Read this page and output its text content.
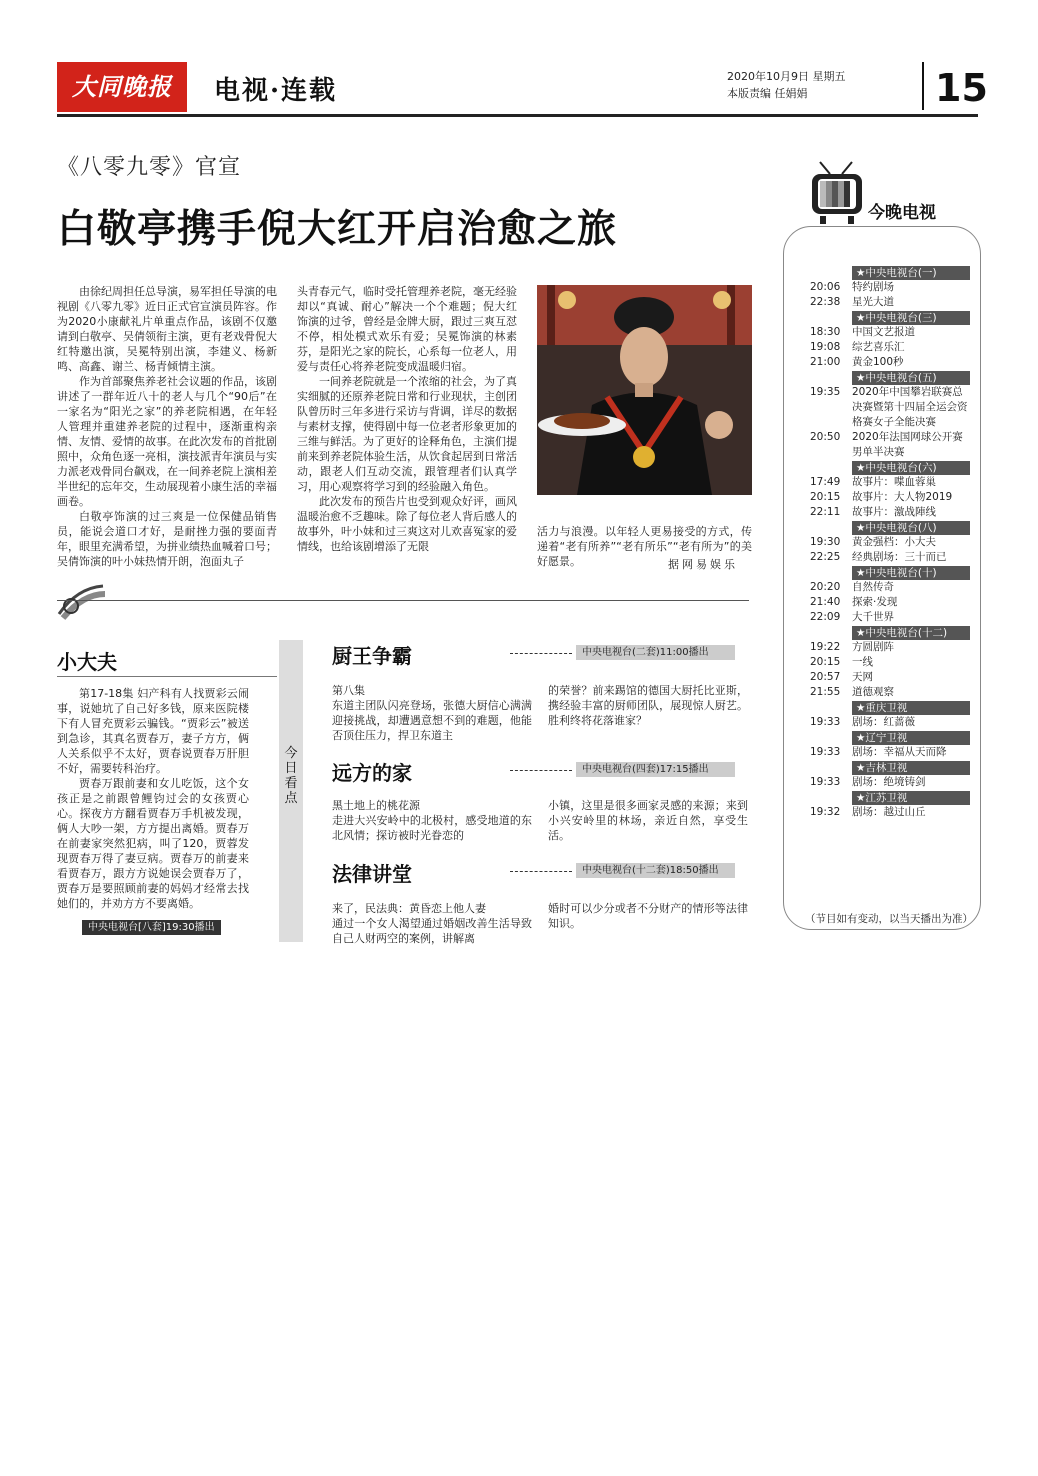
大同晚报	电视·连载	2020年10月9日 星期五
本版责编 任娟娟	15
《八零九零》官宣
白敬亭携手倪大红开启治愈之旅

由徐纪周担任总导演，易军担任导演的电视剧《八零九零》近日正式官宣演员阵容。作为2020小康献礼片单重点作品，该剧不仅邀请到白敬亭、吴倩领衔主演，更有老戏骨倪大红特邀出演，吴冕特别出演，李建义、杨新鸣、高鑫、谢兰、杨青倾情主演。

作为首部聚焦养老社会议题的作品，该剧讲述了一群年近八十的老人与几个“90后”在一家名为“阳光之家”的养老院相遇，在年轻人管理并重建养老院的过程中，逐渐重构亲情、友情、爱情的故事。在此次发布的首批剧照中，众角色逐一亮相，演技派青年演员与实力派老戏骨同台飙戏，在一间养老院上演相差半世纪的忘年交，生动展现着小康生活的幸福画卷。

白敬亭饰演的过三爽是一位保健品销售员，能说会道口才好，是耐挫力强的要面青年，眼里充满希望，为拼业绩热血喊着口号；吴倩饰演的叶小妹热情开朗，泡面丸子

头青春元气，临时受托管理养老院，毫无经验却以“真诚、耐心”解决一个个难题；倪大红饰演的过爷，曾经是金牌大厨，跟过三爽互怼不停，相处模式欢乐有爱；吴冕饰演的林素芬，是阳光之家的院长，心系每一位老人，用爱与责任心将养老院变成温暖归宿。

一间养老院就是一个浓缩的社会，为了真实细腻的还原养老院日常和行业现状，主创团队曾历时三年多进行采访与背调，详尽的数据与素材支撑，使得剧中每一位老者形象更加的三维与鲜活。为了更好的诠释角色，主演们提前来到养老院体验生活，从饮食起居到日常活动，跟老人们互动交流，跟管理者们认真学习，用心观察将学习到的经验融入角色。

此次发布的预告片也受到观众好评，画风温暖治愈不乏趣味。除了每位老人背后感人的故事外，叶小妹和过三爽这对儿欢喜冤家的爱情线，也给该剧增添了无限

活力与浪漫。以年轻人更易接受的方式，传递着“老有所养”“老有所乐”“老有所为”的美好愿景。	据网易娱乐
小大夫

第17-18集 妇产科有人找贾彩云闹事，说她坑了自己好多钱，原来医院楼下有人冒充贾彩云骗钱。“贾彩云”被送到急诊，其真名贾春万，妻子方方，俩人关系似乎不太好，贾春说贾春万肝胆不好，需要转科治疗。

贾春万跟前妻和女儿吃饭，这个女孩正是之前跟曾鲤钧过会的女孩贾心心。探夜方方翻看贾春万手机被发现，俩人大吵一架，方方提出离婚。贾春万在前妻家突然犯病，叫了120，贾蓉发现贾春万得了妻豆病。贾春万的前妻来看贾春万，跟方方说她误会贾春万了，贾春万是要照顾前妻的妈妈才经常去找她们的，并劝方方不要离婚。

中央电视台[八套]19:30播出
今日看点
厨王争霸	中央电视台(二套)11:00播出
第八集
东道主团队闪亮登场，张德大厨信心满满迎接挑战，却遭遇意想不到的难题，他能否顶住压力，捍卫东道主
的荣誉？前来踢馆的德国大厨托比亚斯，携经验丰富的厨师团队，展现惊人厨艺。胜利终将花落谁家？
远方的家	中央电视台(四套)17:15播出
黑土地上的桃花源
走进大兴安岭中的北极村，感受地道的东北风情；探访被时光眷恋的
小镇，这里是很多画家灵感的来源；来到小兴安岭里的林场，亲近自然，享受生活。
法律讲堂	中央电视台(十二套)18:50播出
来了，民法典：黄昏恋上他人妻
通过一个女人渴望通过婚姻改善生活导致自己人财两空的案例，讲解离
婚时可以少分或者不分财产的情形等法律知识。
今晚电视
★中央电视台(一)
20:06	特约剧场
22:38	星光大道
★中央电视台(三)
18:30	中国文艺报道
19:08	综艺喜乐汇
21:00	黄金100秒
★中央电视台(五)
19:35	2020年中国攀岩联赛总决赛暨第十四届全运会资格赛女子全能决赛
20:50	2020年法国网球公开赛男单半决赛
★中央电视台(六)
17:49	故事片：喋血蓉巢
20:15	故事片：大人物2019
22:11	故事片：激战陣线
★中央电视台(八)
19:30	黄金强档：小大夫
22:25	经典剧场：三十而已
★中央电视台(十)
20:20	自然传奇
21:40	探索·发现
22:09	大千世界
★中央电视台(十二)
19:22	方圆剧阵
20:15	一线
20:57	天网
21:55	道德观察
★重庆卫视
19:33	剧场：红蔷薇
★辽宁卫视
19:33	剧场：幸福从天而降
★吉林卫视
19:33	剧场：绝境铸剑
★江苏卫视
19:32	剧场：越过山丘
（节目如有变动，以当天播出为准）
